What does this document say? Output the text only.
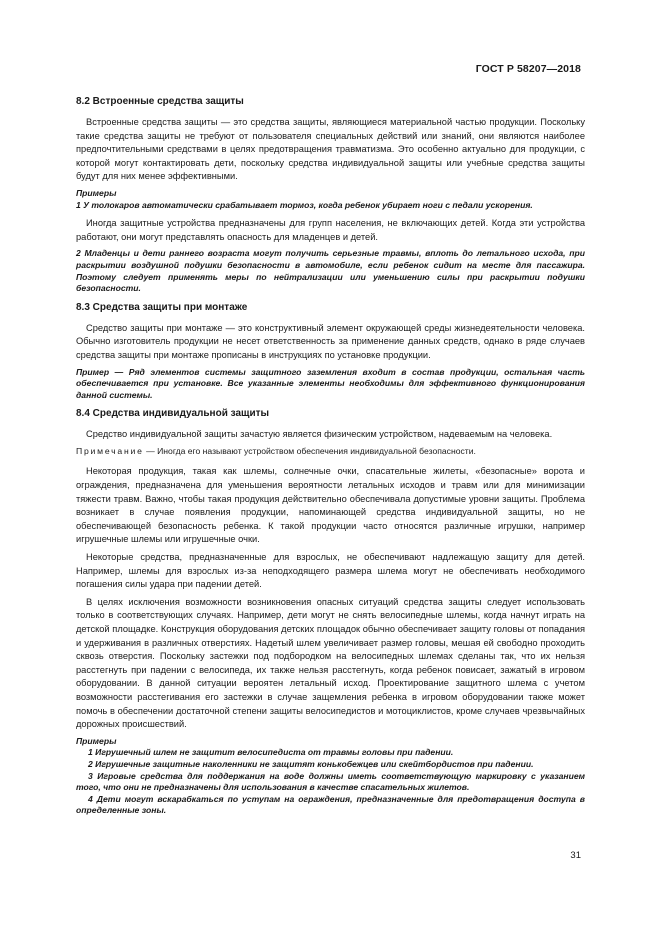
ГОСТ Р 58207—2018
8.2 Встроенные средства защиты

Встроенные средства защиты — это средства защиты, являющиеся материальной частью продукции. Поскольку такие средства защиты не требуют от пользователя специальных действий или знаний, они являются наиболее предпочтительными средствами в целях предотвращения травматизма. Это особенно актуально для продукции, с которой могут контактировать дети, поскольку средства индивидуальной защиты или учебные средства защиты будут для них менее эффективными.

Примеры

1 У толокаров автоматически срабатывает тормоз, когда ребенок убирает ноги с педали ускорения.

Иногда защитные устройства предназначены для групп населения, не включающих детей. Когда эти устройства работают, они могут представлять опасность для младенцев и детей.

2 Младенцы и дети раннего возраста могут получить серьезные травмы, вплоть до летального исхода, при раскрытии воздушной подушки безопасности в автомобиле, если ребенок сидит на месте для пассажира. Поэтому следует применять меры по нейтрализации или уменьшению силы при раскрытии подушки безопасности.

8.3 Средства защиты при монтаже

Средство защиты при монтаже — это конструктивный элемент окружающей среды жизнедеятельности человека. Обычно изготовитель продукции не несет ответственность за применение данных средств, однако в ряде случаев средства защиты при монтаже прописаны в инструкциях по установке продукции.

Пример — Ряд элементов системы защитного заземления входит в состав продукции, остальная часть обеспечивается при установке. Все указанные элементы необходимы для эффективного функционирования данной системы.

8.4 Средства индивидуальной защиты

Средство индивидуальной защиты зачастую является физическим устройством, надеваемым на человека.

Примечание — Иногда его называют устройством обеспечения индивидуальной безопасности.

Некоторая продукция, такая как шлемы, солнечные очки, спасательные жилеты, «безопасные» ворота и ограждения, предназначена для уменьшения вероятности летальных исходов и травм или для минимизации тяжести травм. Важно, чтобы такая продукция действительно обеспечивала допустимые уровни защиты. Проблема возникает в случае появления продукции, напоминающей средства индивидуальной защиты, но не обеспечивающей безопасность ребенка. К такой продукции часто относятся различные игрушки, например игрушечные шлемы или игрушечные очки.

Некоторые средства, предназначенные для взрослых, не обеспечивают надлежащую защиту для детей. Например, шлемы для взрослых из-за неподходящего размера шлема могут не обеспечивать необходимого погашения силы удара при падении детей.

В целях исключения возможности возникновения опасных ситуаций средства защиты следует использовать только в соответствующих случаях. Например, дети могут не снять велосипедные шлемы, когда начнут играть на детской площадке. Конструкция оборудования детских площадок обычно обеспечивает защиту головы от попадания и удерживания в различных отверстиях. Надетый шлем увеличивает размер головы, мешая ей свободно проходить сквозь отверстия. Поскольку застежки под подбородком на велосипедных шлемах сделаны так, что их нельзя расстегнуть при падении с велосипеда, их также нельзя расстегнуть, когда ребенок повисает, зажатый в игровом оборудовании. В данной ситуации вероятен летальный исход. Проектирование защитного шлема с учетом возможности расстегивания его застежки в случае защемления ребенка в игровом оборудовании также может помочь в обеспечении достаточной степени защиты велосипедистов и мотоциклистов, кроме случаев чрезвычайных дорожных происшествий.

Примеры

1 Игрушечный шлем не защитит велосипедиста от травмы головы при падении.

2 Игрушечные защитные наколенники не защитят конькобежцев или скейтбордистов при падении.

3 Игровые средства для поддержания на воде должны иметь соответствующую маркировку с указанием того, что они не предназначены для использования в качестве спасательных жилетов.

4 Дети могут вскарабкаться по уступам на ограждения, предназначенные для предотвращения доступа в определенные зоны.

31
